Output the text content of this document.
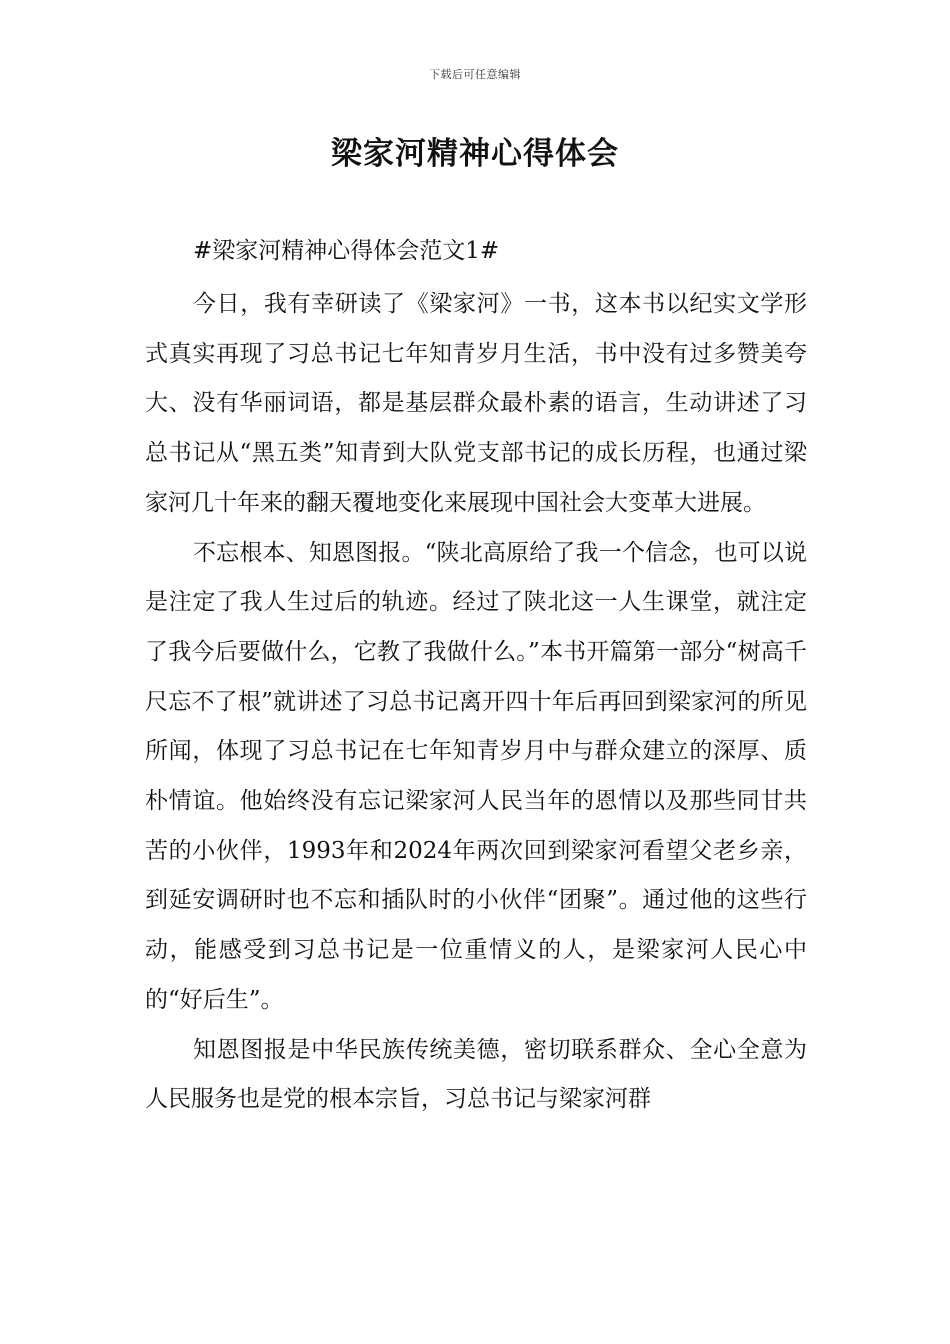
下载后可任意编辑
梁家河精神心得体会

#梁家河精神心得体会范文1#

今日，我有幸研读了《梁家河》一书，这本书以纪实文学形式真实再现了习总书记七年知青岁月生活，书中没有过多赞美夸大、没有华丽词语，都是基层群众最朴素的语言，生动讲述了习总书记从“黑五类”知青到大队党支部书记的成长历程，也通过梁家河几十年来的翻天覆地变化来展现中国社会大变革大进展。

不忘根本、知恩图报。“陕北高原给了我一个信念，也可以说是注定了我人生过后的轨迹。经过了陕北这一人生课堂，就注定了我今后要做什么，它教了我做什么。”本书开篇第一部分“树高千尺忘不了根”就讲述了习总书记离开四十年后再回到梁家河的所见所闻，体现了习总书记在七年知青岁月中与群众建立的深厚、质朴情谊。他始终没有忘记梁家河人民当年的恩情以及那些同甘共苦的小伙伴，1993年和2024年两次回到梁家河看望父老乡亲，到延安调研时也不忘和插队时的小伙伴“团聚”。通过他的这些行动，能感受到习总书记是一位重情义的人，是梁家河人民心中的“好后生”。

知恩图报是中华民族传统美德，密切联系群众、全心全意为人民服务也是党的根本宗旨，习总书记与梁家河群
